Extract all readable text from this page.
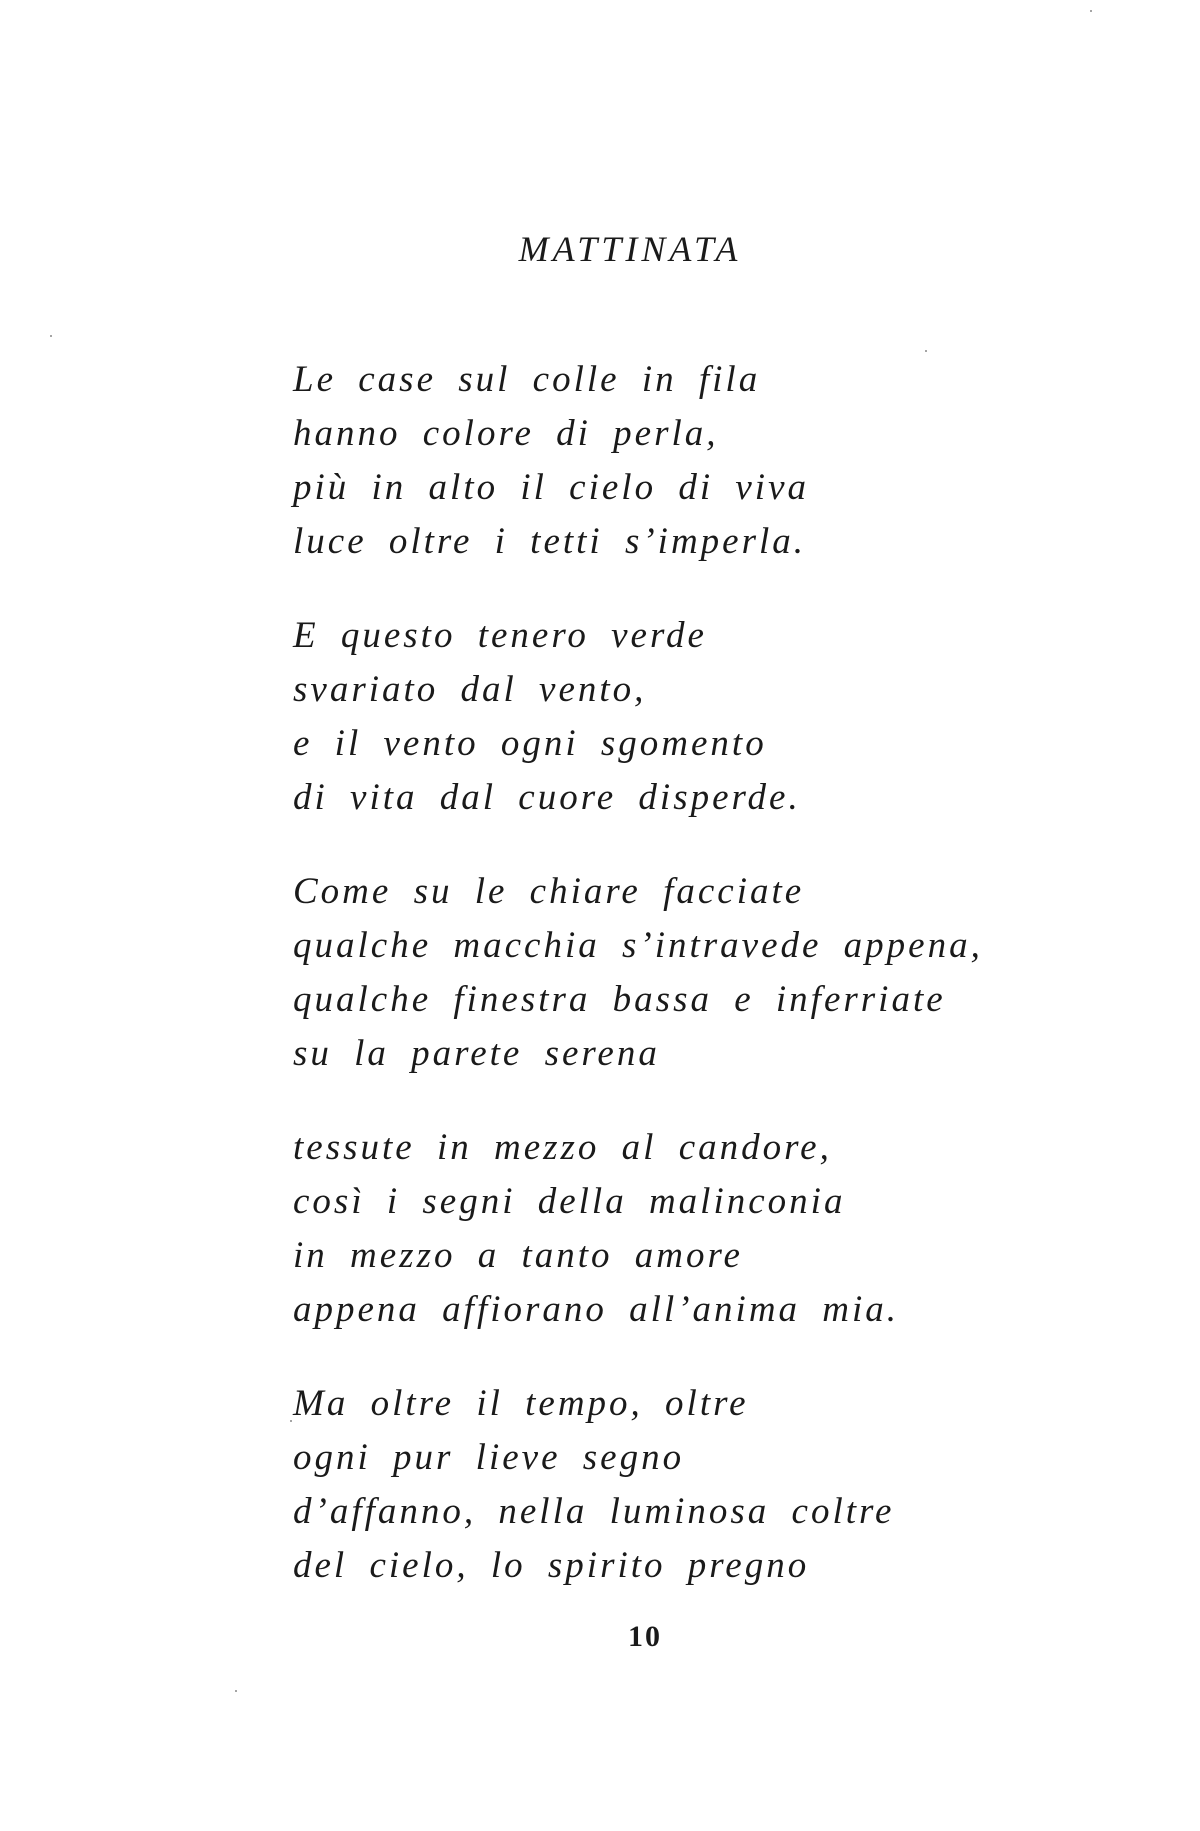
MATTINATA
Le case sul colle in fila
hanno colore di perla,
più in alto il cielo di viva
luce oltre i tetti s’imperla.
E questo tenero verde
svariato dal vento,
e il vento ogni sgomento
di vita dal cuore disperde.
Come su le chiare facciate
qualche macchia s’intravede appena,
qualche finestra bassa e inferriate
su la parete serena
tessute in mezzo al candore,
così i segni della malinconia
in mezzo a tanto amore
appena affiorano all’anima mia.
Ma oltre il tempo, oltre
ogni pur lieve segno
d’affanno, nella luminosa coltre
del cielo, lo spirito pregno
10
